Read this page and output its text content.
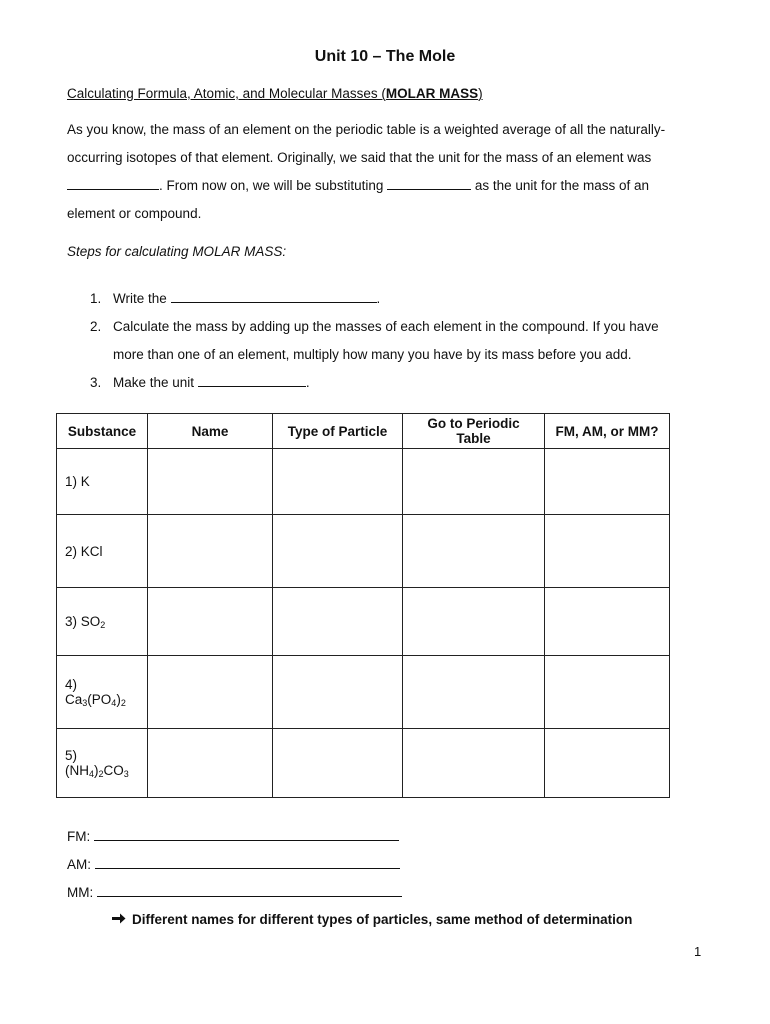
Unit 10 – The Mole
Calculating Formula, Atomic, and Molecular Masses (MOLAR MASS)
As you know, the mass of an element on the periodic table is a weighted average of all the naturally-
occurring isotopes of that element. Originally, we said that the unit for the mass of an element was
. From now on, we will be substituting	as the unit for the mass of an
element or compound.
Steps for calculating MOLAR MASS:
1. Write the	.
2. Calculate the mass by adding up the masses of each element in the compound. If you have more than one of an element, multiply how many you have by its mass before you add.
3. Make the unit	.
Substance	Name	Type of Particle	Go to Periodic Table	FM, AM, or MM?
1) K				
2) KCl				
3) $SO_2$				
4) $Ca_3(PO_4)_2$				
5) $(NH_4)_2CO_3$				
FM:
AM:
MM:
Different names for different types of particles, same method of determination
1
